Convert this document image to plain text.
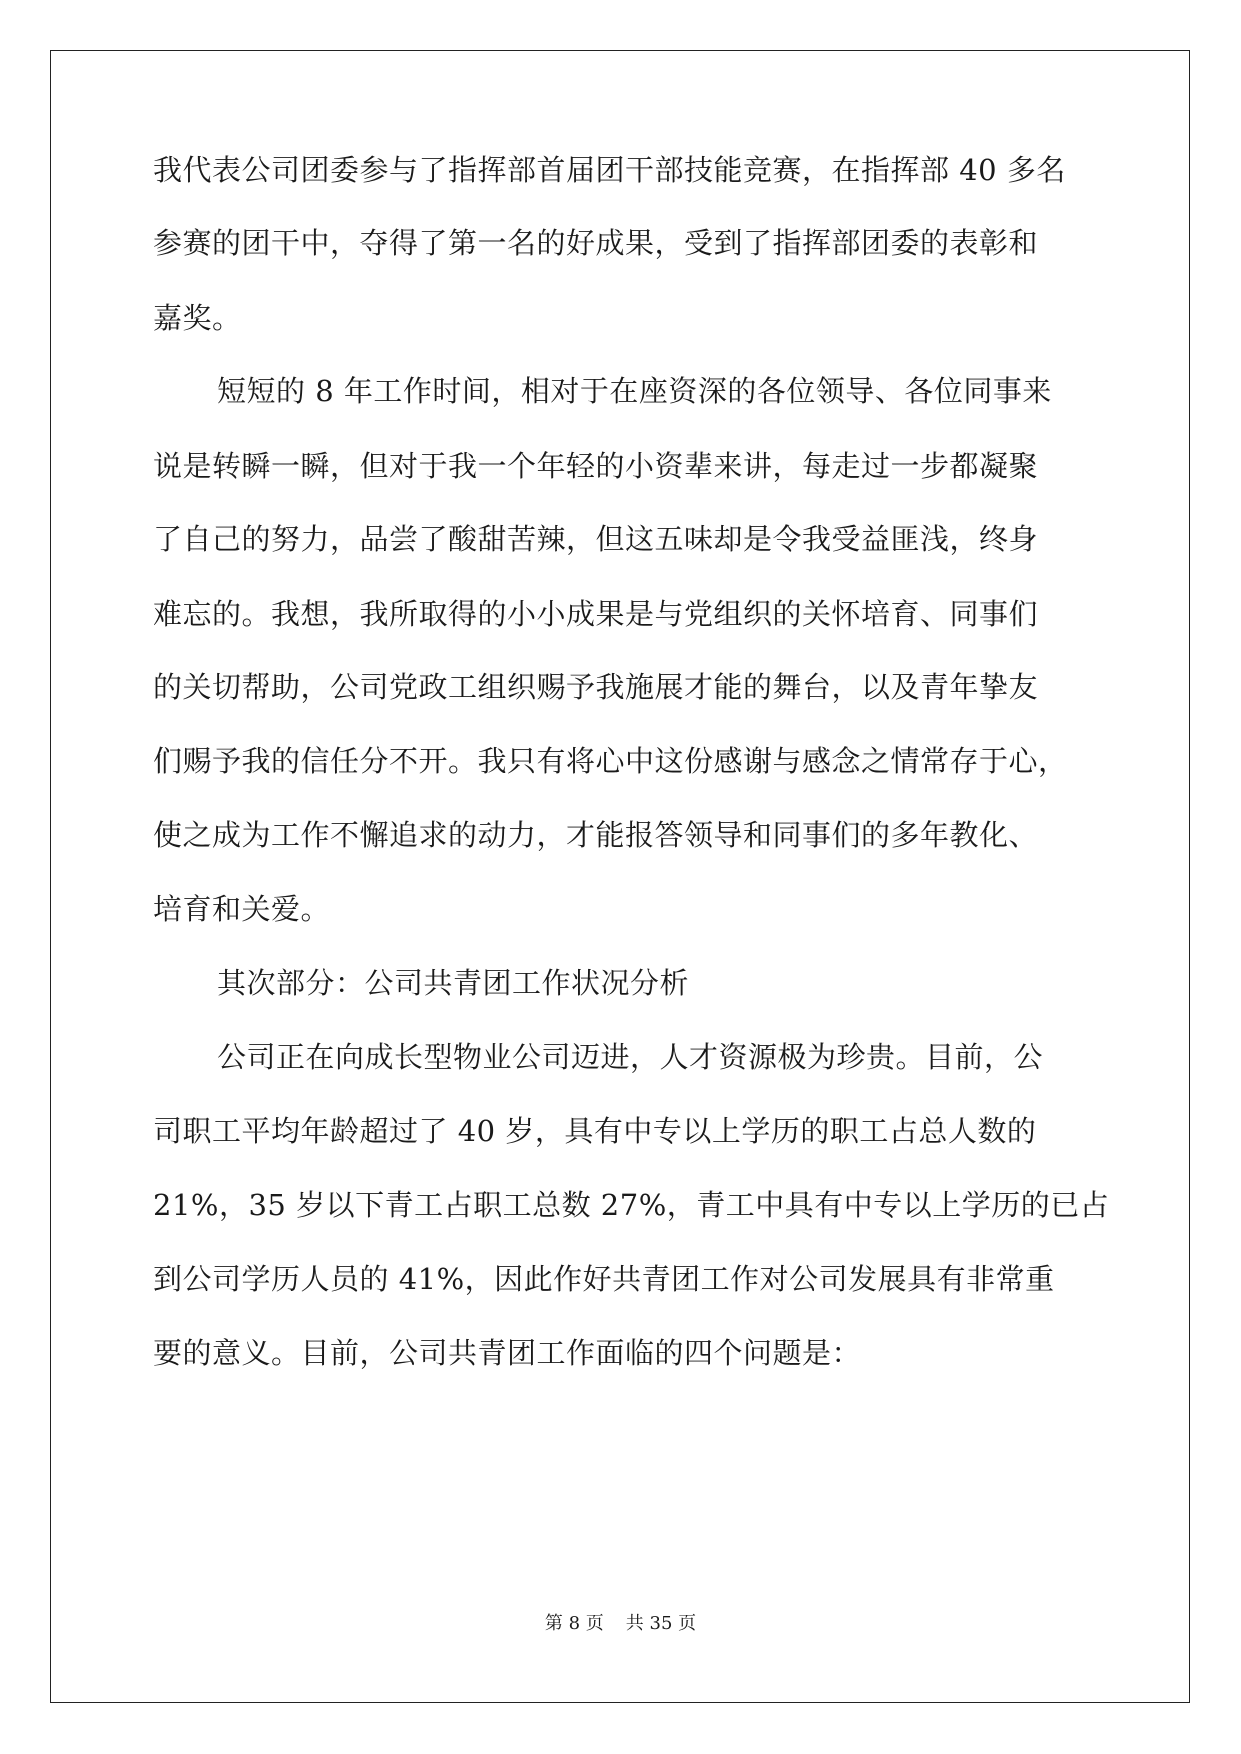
我代表公司团委参与了指挥部首届团干部技能竞赛，在指挥部 40 多名
参赛的团干中，夺得了第一名的好成果，受到了指挥部团委的表彰和
嘉奖。
短短的 8 年工作时间，相对于在座资深的各位领导、各位同事来
说是转瞬一瞬，但对于我一个年轻的小资辈来讲，每走过一步都凝聚
了自己的努力，品尝了酸甜苦辣，但这五味却是令我受益匪浅，终身
难忘的。我想，我所取得的小小成果是与党组织的关怀培育、同事们
的关切帮助，公司党政工组织赐予我施展才能的舞台，以及青年挚友
们赐予我的信任分不开。我只有将心中这份感谢与感念之情常存于心，
使之成为工作不懈追求的动力，才能报答领导和同事们的多年教化、
培育和关爱。
其次部分：公司共青团工作状况分析
公司正在向成长型物业公司迈进，人才资源极为珍贵。目前，公
司职工平均年龄超过了 40 岁，具有中专以上学历的职工占总人数的
21%，35 岁以下青工占职工总数 27%，青工中具有中专以上学历的已占
到公司学历人员的 41%，因此作好共青团工作对公司发展具有非常重
要的意义。目前，公司共青团工作面临的四个问题是：
第 8 页 共 35 页
